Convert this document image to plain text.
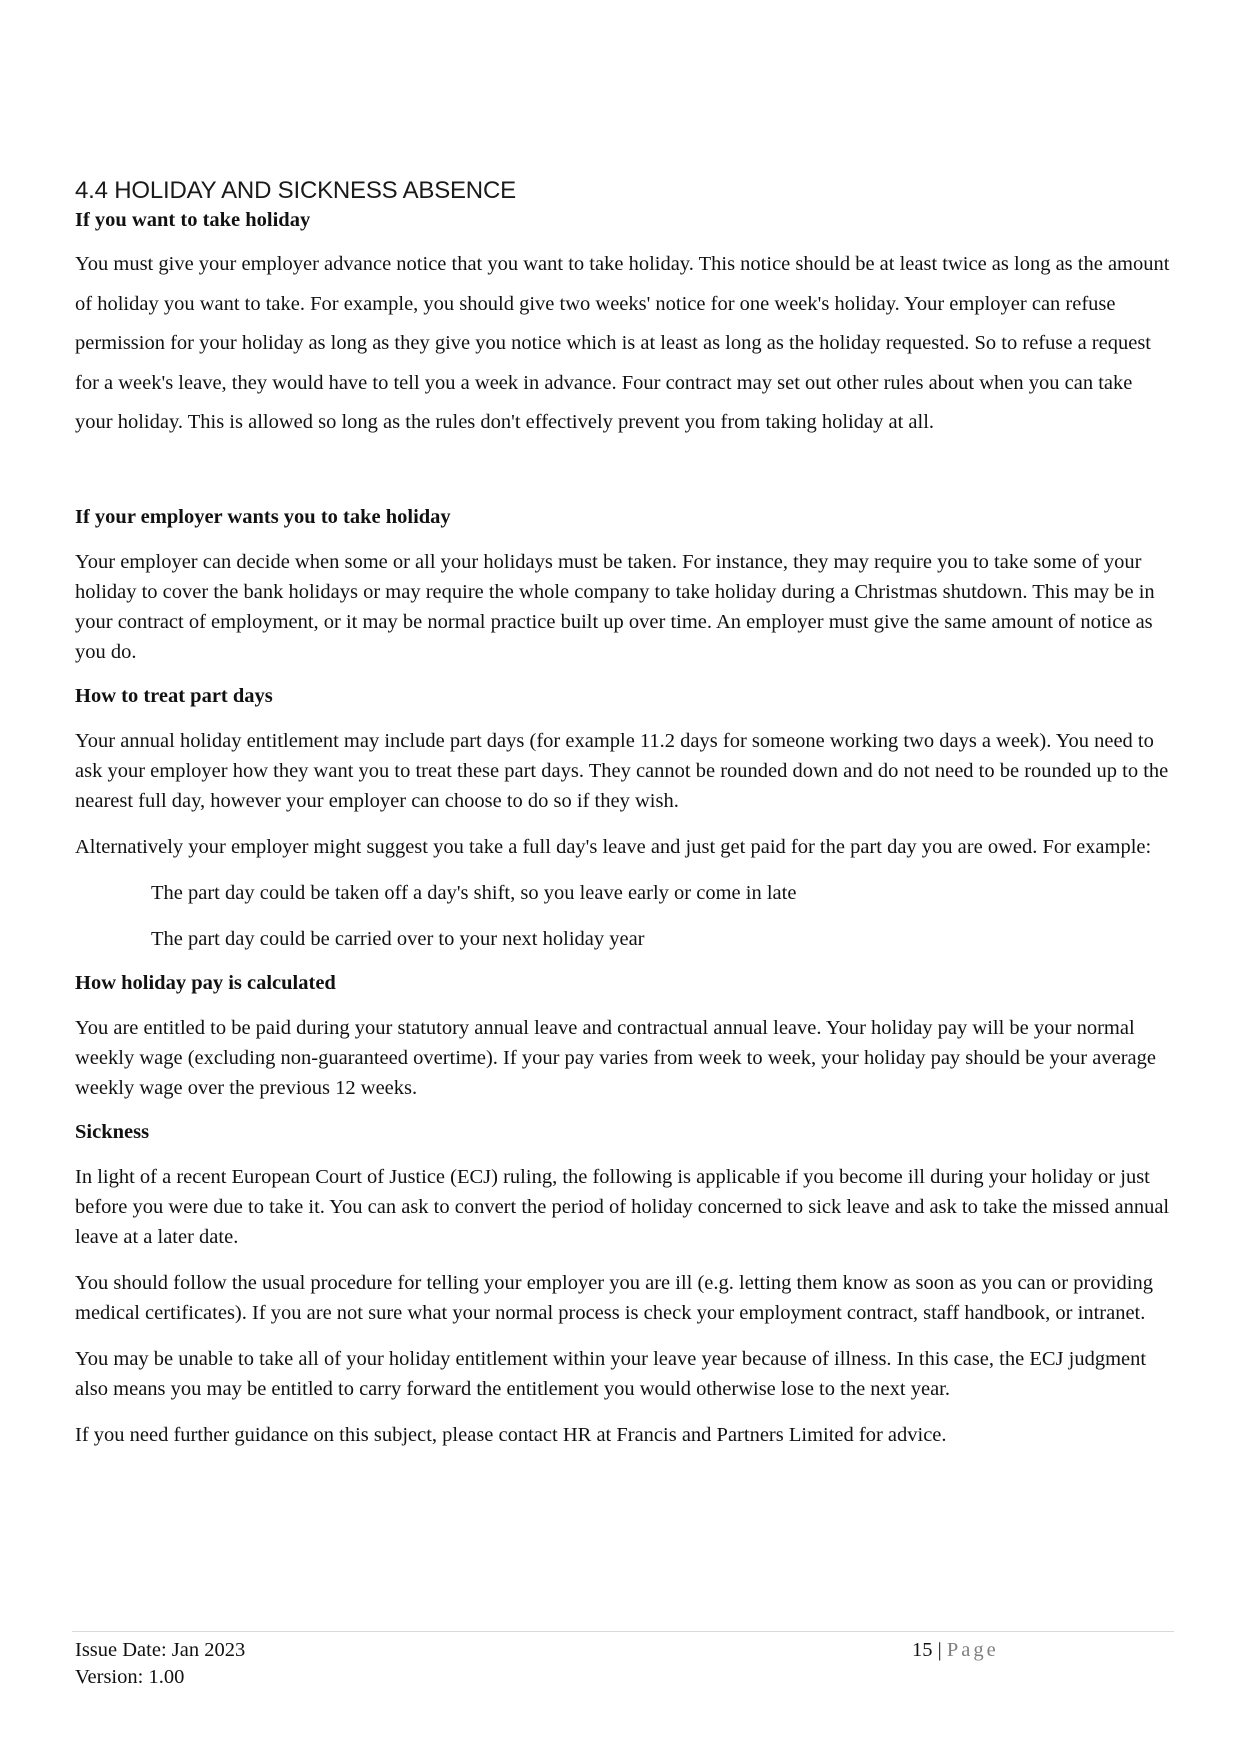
4.4 HOLIDAY AND SICKNESS ABSENCE

If you want to take holiday

You must give your employer advance notice that you want to take holiday. This notice should be at least twice as long as the amount of holiday you want to take. For example, you should give two weeks' notice for one week's holiday. Your employer can refuse permission for your holiday as long as they give you notice which is at least as long as the holiday requested. So to refuse a request for a week's leave, they would have to tell you a week in advance. Four contract may set out other rules about when you can take your holiday. This is allowed so long as the rules don't effectively prevent you from taking holiday at all.

If your employer wants you to take holiday

Your employer can decide when some or all your holidays must be taken. For instance, they may require you to take some of your holiday to cover the bank holidays or may require the whole company to take holiday during a Christmas shutdown. This may be in your contract of employment, or it may be normal practice built up over time. An employer must give the same amount of notice as you do.

How to treat part days

Your annual holiday entitlement may include part days (for example 11.2 days for someone working two days a week). You need to ask your employer how they want you to treat these part days. They cannot be rounded down and do not need to be rounded up to the nearest full day, however your employer can choose to do so if they wish.

Alternatively your employer might suggest you take a full day's leave and just get paid for the part day you are owed. For example:

The part day could be taken off a day's shift, so you leave early or come in late

The part day could be carried over to your next holiday year

How holiday pay is calculated

You are entitled to be paid during your statutory annual leave and contractual annual leave. Your holiday pay will be your normal weekly wage (excluding non-guaranteed overtime). If your pay varies from week to week, your holiday pay should be your average weekly wage over the previous 12 weeks.

Sickness

In light of a recent European Court of Justice (ECJ) ruling, the following is applicable if you become ill during your holiday or just before you were due to take it. You can ask to convert the period of holiday concerned to sick leave and ask to take the missed annual leave at a later date.

You should follow the usual procedure for telling your employer you are ill (e.g. letting them know as soon as you can or providing medical certificates). If you are not sure what your normal process is check your employment contract, staff handbook, or intranet.

You may be unable to take all of your holiday entitlement within your leave year because of illness. In this case, the ECJ judgment also means you may be entitled to carry forward the entitlement you would otherwise lose to the next year.

If you need further guidance on this subject, please contact HR at Francis and Partners Limited for advice.

Issue Date: Jan 2023
Version: 1.00
15 | Page
